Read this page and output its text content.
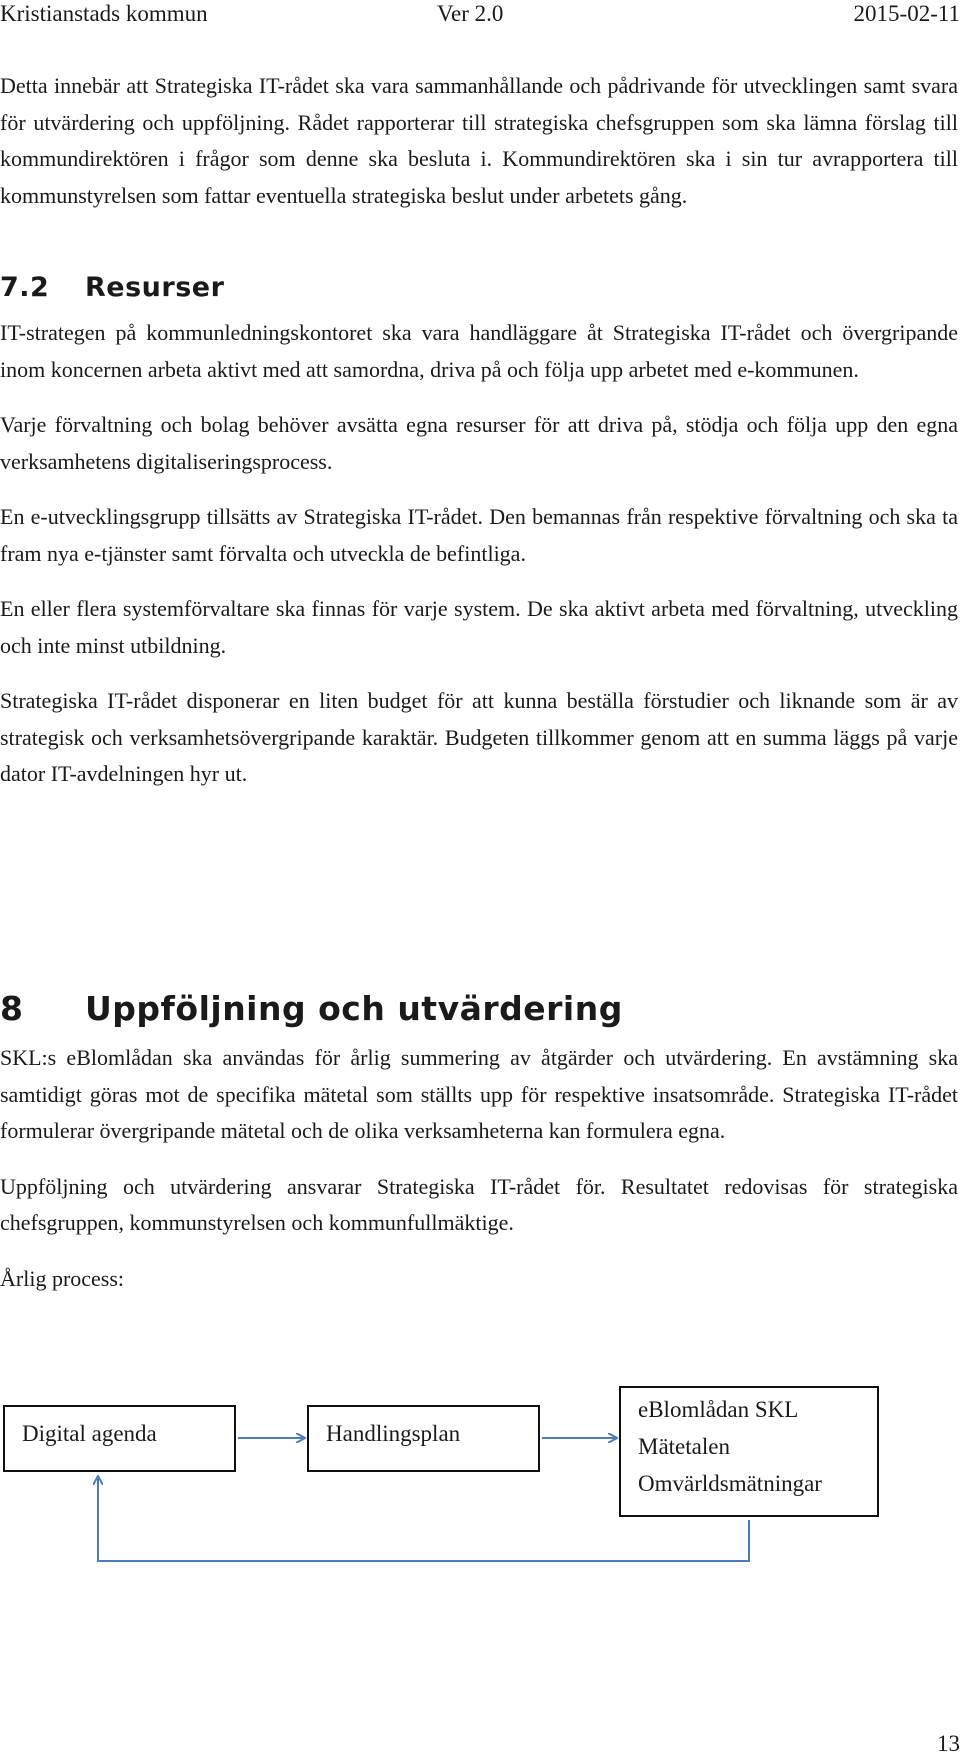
Kristianstads kommun	Ver 2.0	2015-02-11

Detta innebär att Strategiska IT-rådet ska vara sammanhållande och pådrivande för utvecklingen samt svara för utvärdering och uppföljning. Rådet rapporterar till strategiska chefsgruppen som ska lämna förslag till kommundirektören i frågor som denne ska besluta i. Kommundirektören ska i sin tur avrapportera till kommunstyrelsen som fattar eventuella strategiska beslut under arbetets gång.

7.2 Resurser

IT-strategen på kommunledningskontoret ska vara handläggare åt Strategiska IT-rådet och övergripande inom koncernen arbeta aktivt med att samordna, driva på och följa upp arbetet med e-kommunen.

Varje förvaltning och bolag behöver avsätta egna resurser för att driva på, stödja och följa upp den egna verksamhetens digitaliseringsprocess.

En e-utvecklingsgrupp tillsätts av Strategiska IT-rådet. Den bemannas från respektive förvaltning och ska ta fram nya e-tjänster samt förvalta och utveckla de befintliga.

En eller flera systemförvaltare ska finnas för varje system. De ska aktivt arbeta med förvaltning, utveckling och inte minst utbildning.

Strategiska IT-rådet disponerar en liten budget för att kunna beställa förstudier och liknande som är av strategisk och verksamhetsövergripande karaktär. Budgeten tillkommer genom att en summa läggs på varje dator IT-avdelningen hyr ut.

8 Uppföljning och utvärdering

SKL:s eBlomlådan ska användas för årlig summering av åtgärder och utvärdering. En avstämning ska samtidigt göras mot de specifika mätetal som ställts upp för respektive insatsområde. Strategiska IT-rådet formulerar övergripande mätetal och de olika verksamheterna kan formulera egna.

Uppföljning och utvärdering ansvarar Strategiska IT-rådet för. Resultatet redovisas för strategiska chefsgruppen, kommunstyrelsen och kommunfullmäktige.

Årlig process:

Digital agenda	Handlingsplan
eBlomlådan SKL
Mätetalen
Omvärldsmätningar
13
